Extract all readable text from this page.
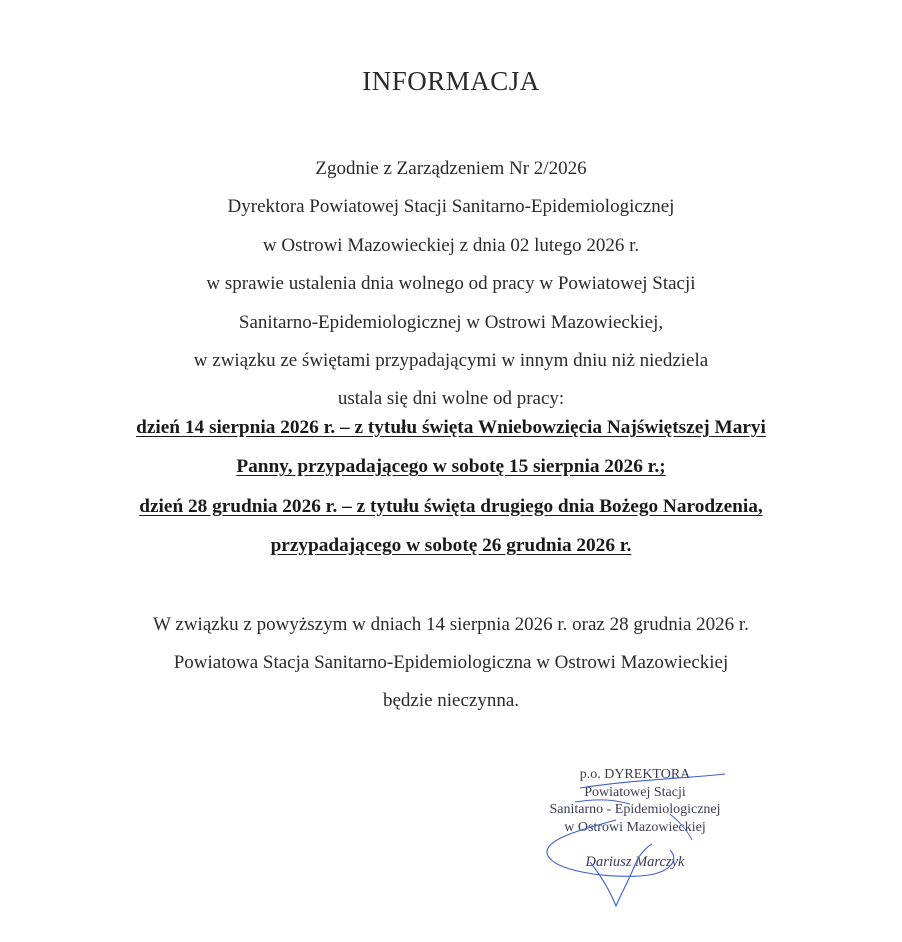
INFORMACJA
Zgodnie z Zarządzeniem Nr 2/2026
Dyrektora Powiatowej Stacji Sanitarno-Epidemiologicznej
w Ostrowi Mazowieckiej z dnia 02 lutego 2026 r.
w sprawie ustalenia dnia wolnego od pracy w Powiatowej Stacji
Sanitarno-Epidemiologicznej w Ostrowi Mazowieckiej,
w związku ze świętami przypadającymi w innym dniu niż niedziela
ustala się dni wolne od pracy:
dzień 14 sierpnia 2026 r. – z tytułu święta Wniebowzięcia Najświętszej Maryi
Panny, przypadającego w sobotę 15 sierpnia 2026 r.;
dzień 28 grudnia 2026 r. – z tytułu święta drugiego dnia Bożego Narodzenia,
przypadającego w sobotę 26 grudnia 2026 r.
W związku z powyższym w dniach 14 sierpnia 2026 r. oraz 28 grudnia 2026 r.
Powiatowa Stacja Sanitarno-Epidemiologiczna w Ostrowi Mazowieckiej
będzie nieczynna.
p.o. DYREKTORA
Powiatowej Stacji
Sanitarno - Epidemiologicznej
w Ostrowi Mazowieckiej
Dariusz Marczyk
